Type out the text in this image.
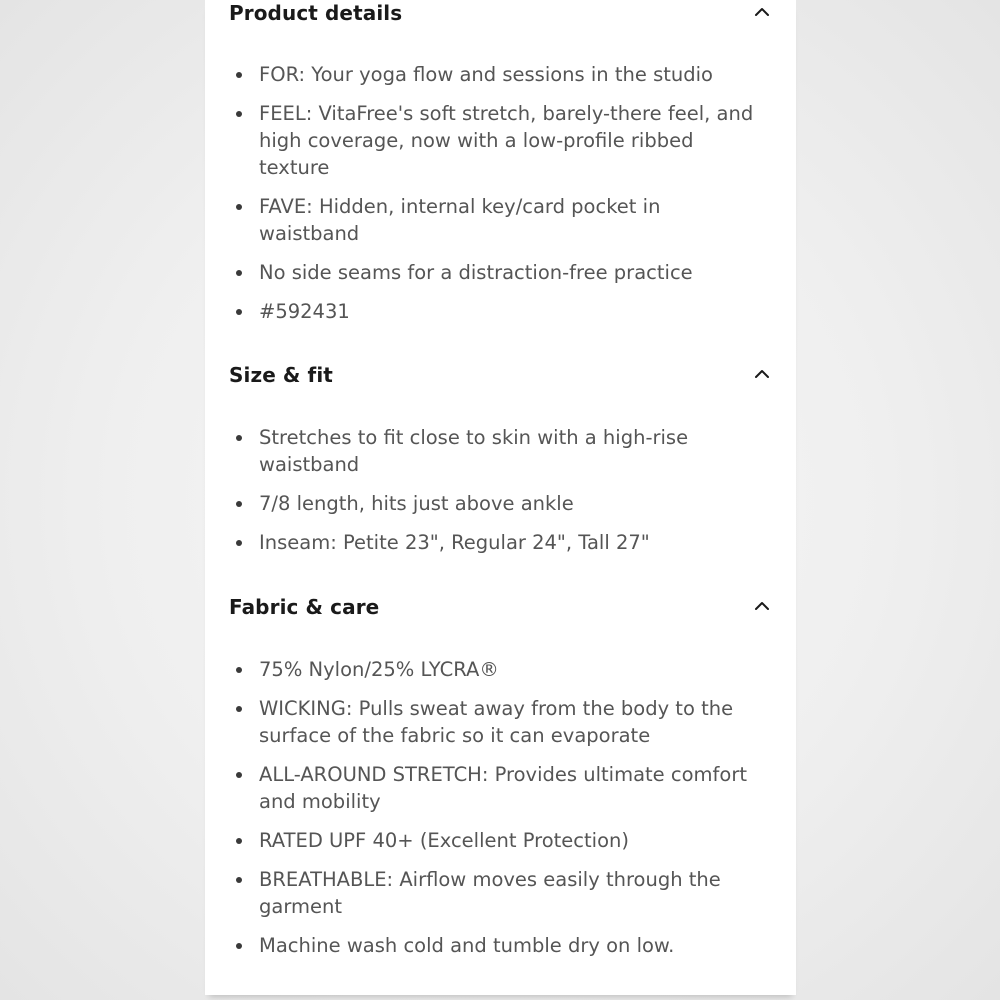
Product details
FOR: Your yoga flow and sessions in the studio
FEEL: VitaFree's soft stretch, barely-there feel, and high coverage, now with a low-profile ribbed texture
FAVE: Hidden, internal key/card pocket in waistband
No side seams for a distraction-free practice
#592431
Size & fit
Stretches to fit close to skin with a high-rise waistband
7/8 length, hits just above ankle
Inseam: Petite 23", Regular 24", Tall 27"
Fabric & care
75% Nylon/25% LYCRA®
WICKING: Pulls sweat away from the body to the surface of the fabric so it can evaporate
ALL-AROUND STRETCH: Provides ultimate comfort and mobility
RATED UPF 40+ (Excellent Protection)
BREATHABLE: Airflow moves easily through the garment
Machine wash cold and tumble dry on low.
